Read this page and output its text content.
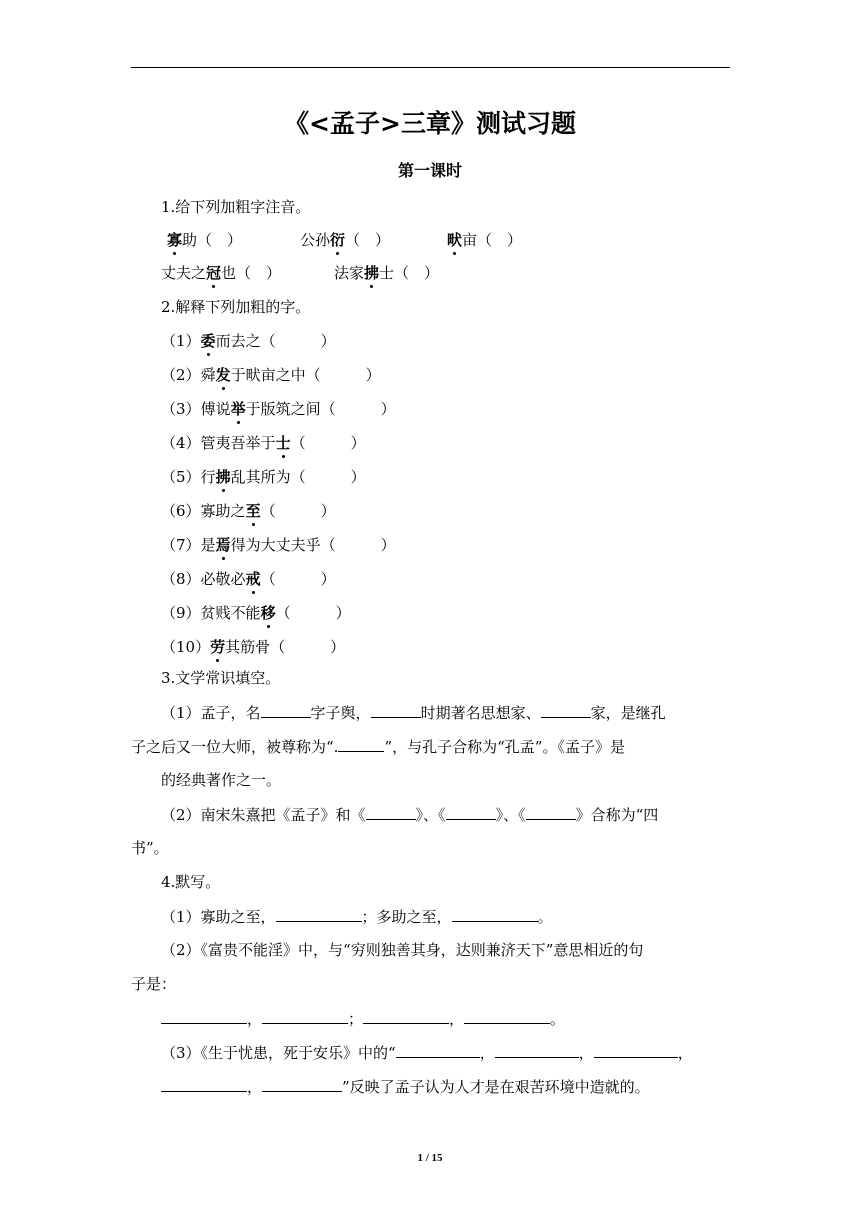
《<孟子>三章》测试习题
第一课时
1.给下列加粗字注音。
寡助（　）	公孙衍（　）	畎亩（　）
丈夫之冠也（　）	法家拂士（　）
2.解释下列加粗的字。
（1）委而去之（　　　）
（2）舜发于畎亩之中（　　　）
（3）傅说举于版筑之间（　　　）
（4）管夷吾举于士（　　　）
（5）行拂乱其所为（　　　）
（6）寡助之至（　　　）
（7）是焉得为大丈夫乎（　　　）
（8）必敬必戒（　　　）
（9）贫贱不能移（　　　）
（10）劳其筋骨（　　　）
3.文学常识填空。
（1）孟子，名	字子舆，	时期著名思想家、	家，是继孔
子之后又一位大师，被尊称为“.	”，与孔子合称为“孔孟”。《孟子》是
的经典著作之一。
（2）南宋朱熹把《孟子》和《	》、《	》、《	》合称为“四
书”。
4.默写。
（1）寡助之至，	；多助之至，	。
（2）《富贵不能淫》中，与“穷则独善其身，达则兼济天下”意思相近的句
子是：
，	；	，	。
（3）《生于忧患，死于安乐》中的“	，	，	，
，	”反映了孟子认为人才是在艰苦环境中造就的。
1 / 15
